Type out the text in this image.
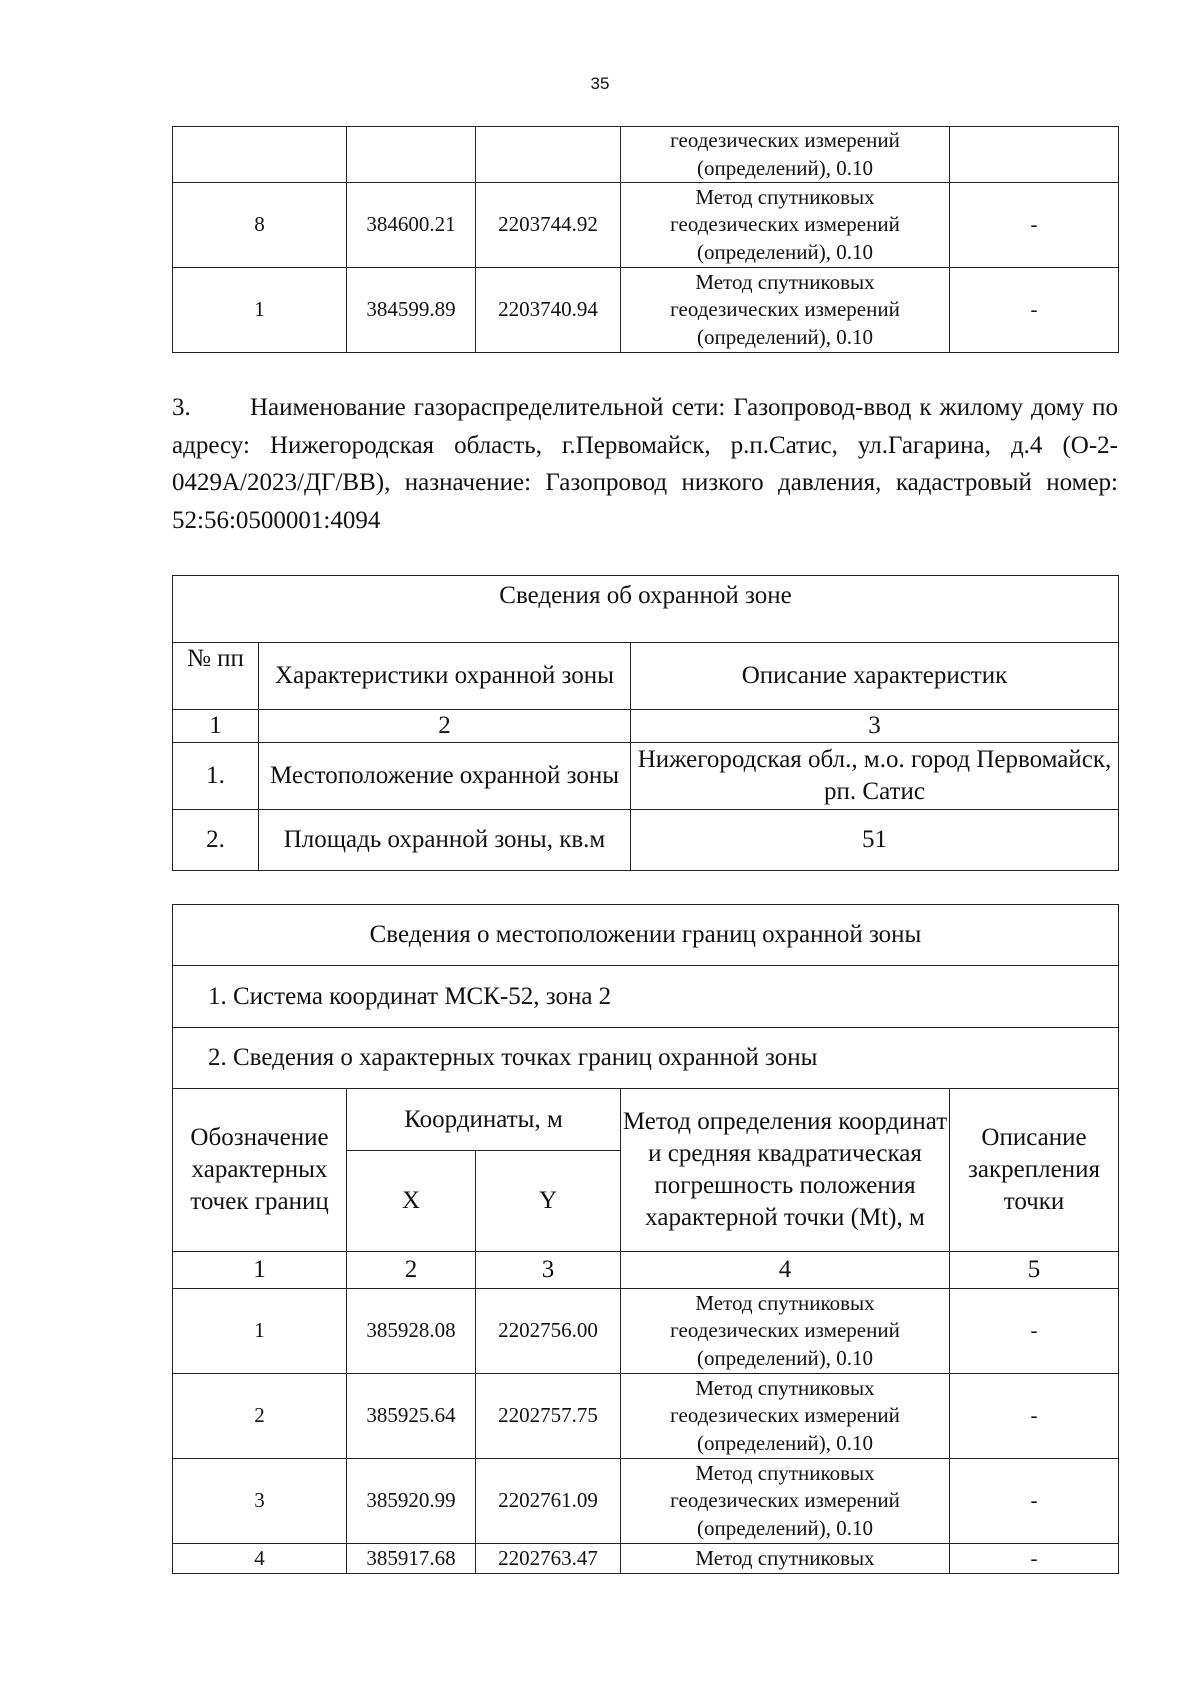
35

			геодезических измерений
(определений), 0.10	

8	384600.21	2203744.92	Метод спутниковых
геодезических измерений
(определений), 0.10	-
1	384599.89	2203740.94	Метод спутниковых
геодезических измерений
(определений), 0.10	-
3. Наименование газораспределительной сети: Газопровод-ввод к жилому дому по адресу: Нижегородская область, г.Первомайск, р.п.Сатис, ул.Гагарина, д.4 (О-2-0429А/2023/ДГ/ВВ), назначение: Газопровод низкого давления, кадастровый номер: 52:56:0500001:4094
Сведения об охранной зоне		
№ пп	Характеристики охранной зоны	Описание характеристик
1	2	3
1.	Местоположение охранной зоны	Нижегородская обл., м.о. город Первомайск, рп. Сатис
2.	Площадь охранной зоны, кв.м	51
Сведения о местоположении границ охранной зоны				
1. Система координат МСК-52, зона 2				
2. Сведения о характерных точках границ охранной зоны				
Обозначение характерных точек границ	Координаты, м		Метод определения координат и средняя квадратическая погрешность положения характерной точки (Mt), м	Описание закрепления точки
	X	Y		
1	2	3	4	5
1	385928.08	2202756.00	Метод спутниковых
геодезических измерений
(определений), 0.10	-
2	385925.64	2202757.75	Метод спутниковых
геодезических измерений
(определений), 0.10	-
3	385920.99	2202761.09	Метод спутниковых
геодезических измерений
(определений), 0.10	-
4	385917.68	2202763.47	Метод спутниковых	-
